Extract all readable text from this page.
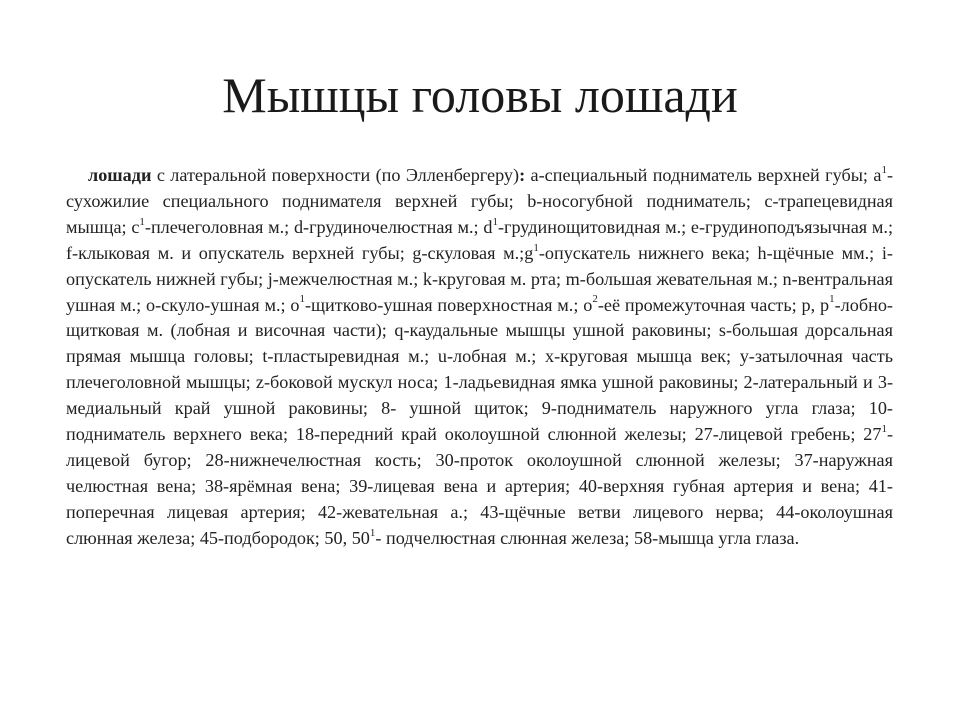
Мышцы головы лошади

лошади с латеральной поверхности (по Элленбергеру): а-специальный подниматель верхней губы; $а^1-$ сухожилие специального поднимателя верхней губы; b-носогубной подниматель; с-трапецевидная мышца; $с^1$-плечеголовная м.; d-грудиночелюстная м.; $d^1$-грудинощитовидная м.; е-грудиноподъязычная м.; f-клыковая м. и опускатель верхней губы; g-скуловая $м.;g^1$-опускатель нижнего века; h-щёчные мм.; i-опускатель нижней губы; j-межчелюстная м.; k-круговая м. рта; m-большая жевательная м.; n-вентральная ушная м.; о-скуло-ушная м.; $о^1-щитково$-ушная поверхностная м.; $о^2-её$ промежуточная часть; р, $р^1-лобно$-щитковая м. (лобная и височная части); q-каудальные мышцы ушной раковины; s-большая дорсальная прямая мышца головы; t-пластыревидная м.; u-лобная м.; х-круговая мышца век; у-затылочная часть плечеголовной мышцы; z-боковой мускул носа; 1-ладьевидная ямка ушной раковины; 2-латеральный и 3-медиальный край ушной раковины; 8- ушной щиток; 9-подниматель наружного угла глаза; 10-подниматель верхнего века; 18-передний край околоушной слюнной железы; 27-лицевой гребень; $27^1$-лицевой бугор; 28-нижнечелюстная кость; 30-проток околоушной слюнной железы; 37-наружная челюстная вена; 38-ярёмная вена; 39-лицевая вена и артерия; 40-верхняя губная артерия и вена; 41-поперечная лицевая артерия; 42-жевательная а.; 43-щёчные ветви лицевого нерва; 44-околоушная слюнная железа; 45-подбородок; 50, $50^1-$ подчелюстная слюнная железа; 58-мышца угла глаза.
